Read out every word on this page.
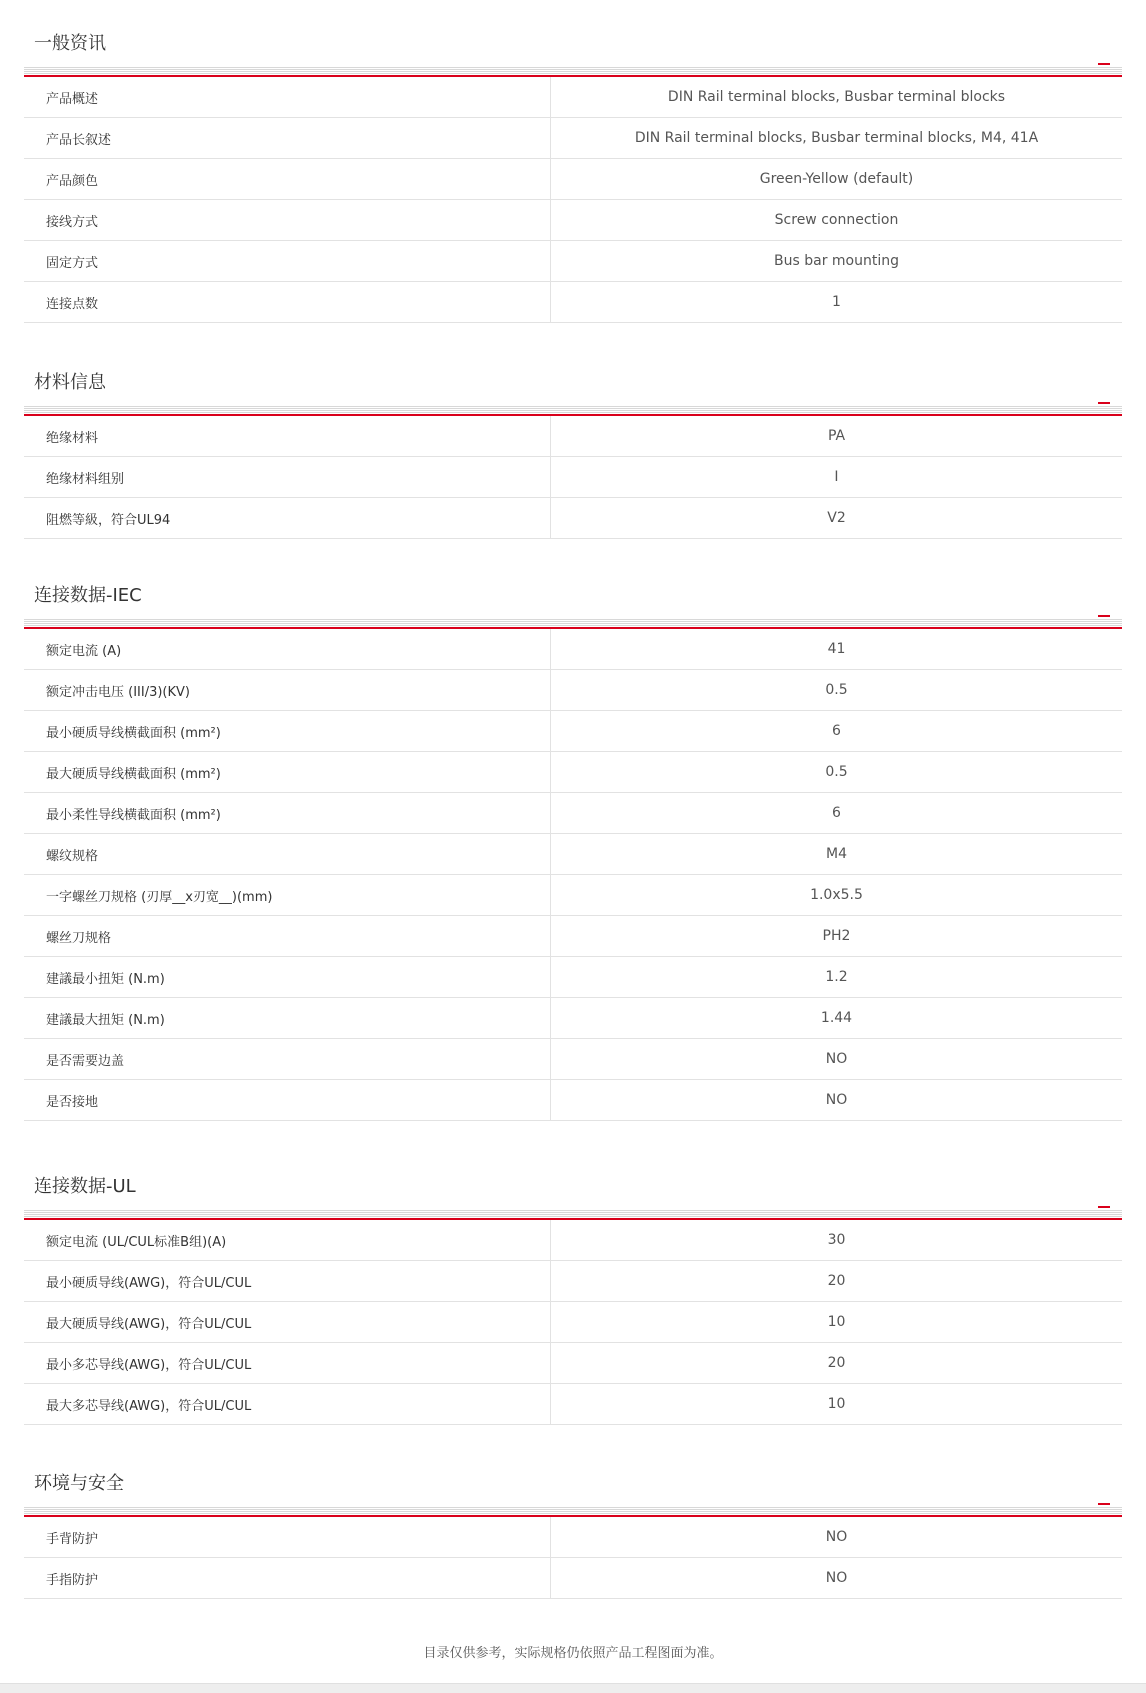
一般资讯
产品概述	DIN Rail terminal blocks, Busbar terminal blocks
产品长叙述	DIN Rail terminal blocks, Busbar terminal blocks, M4, 41A
产品颜色	Green-Yellow (default)
接线方式	Screw connection
固定方式	Bus bar mounting
连接点数	1
材料信息
绝缘材料	PA
绝缘材料组别	I
阻燃等級，符合UL94	V2
连接数据-IEC
额定电流 (A)	41
额定冲击电压 (III/3)(KV)	0.5
最小硬质导线横截面积 (mm²)	6
最大硬质导线横截面积 (mm²)	0.5
最小柔性导线横截面积 (mm²)	6
螺纹规格	M4
一字螺丝刀规格 (刃厚__x刃宽__)(mm)	1.0x5.5
螺丝刀规格	PH2
建議最小扭矩 (N.m)	1.2
建議最大扭矩 (N.m)	1.44
是否需要边盖	NO
是否接地	NO
连接数据-UL
额定电流 (UL/CUL标准B组)(A)	30
最小硬质导线(AWG)，符合UL/CUL	20
最大硬质导线(AWG)，符合UL/CUL	10
最小多芯导线(AWG)，符合UL/CUL	20
最大多芯导线(AWG)，符合UL/CUL	10
环境与安全
手背防护	NO
手指防护	NO
目录仅供参考，实际规格仍依照产品工程图面为准。
